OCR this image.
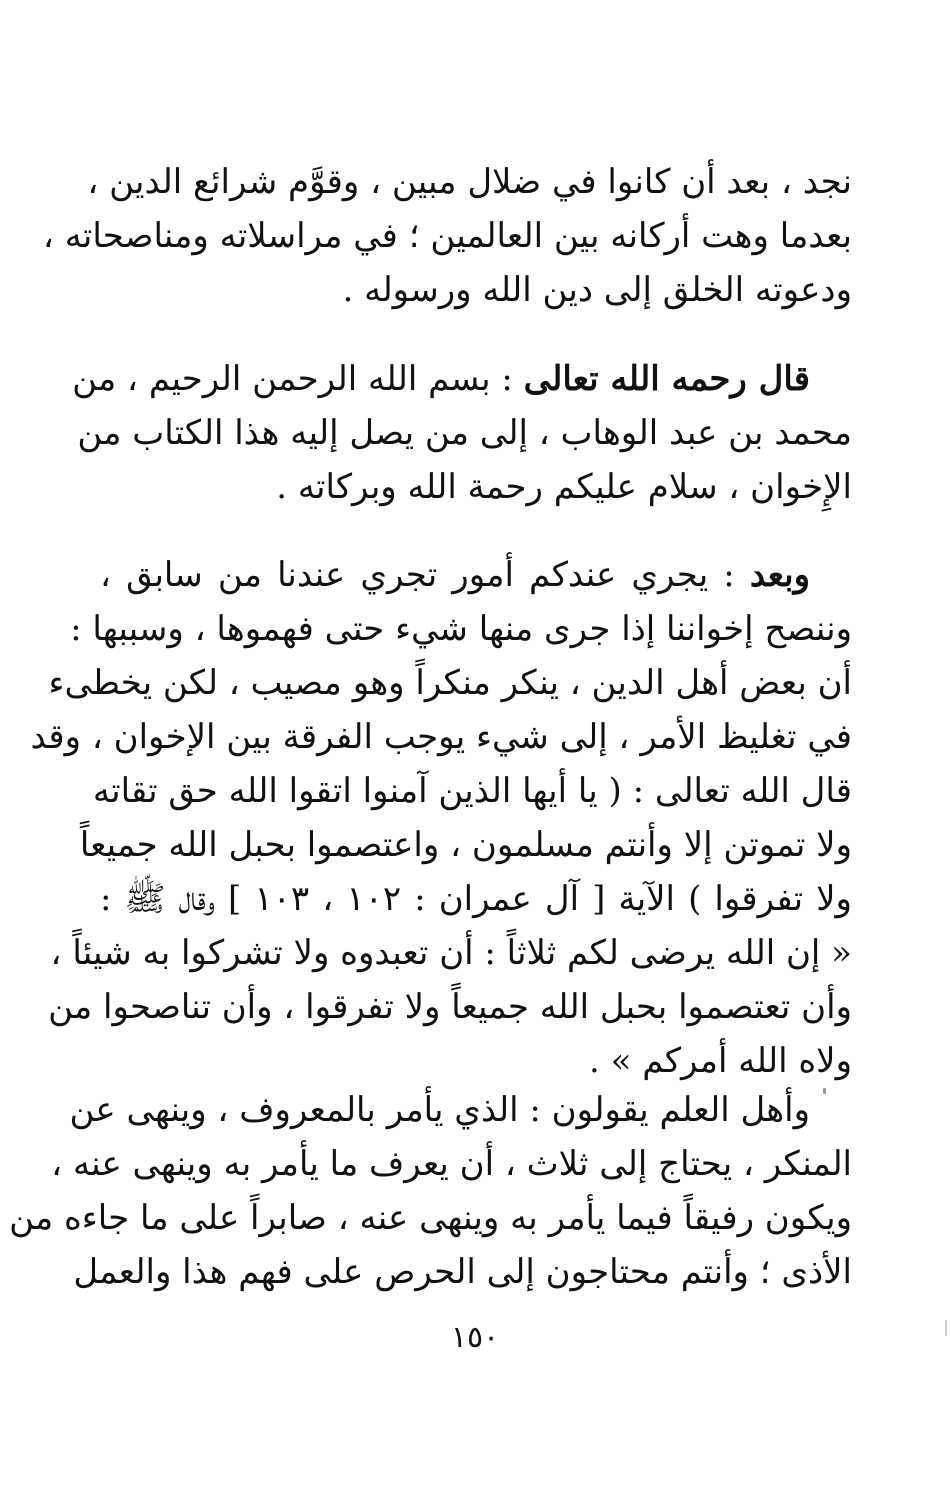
نجد ، بعد أن كانوا في ضلال مبين ، وقوَّم شرائع الدين ،
بعدما وهت أركانه بين العالمين ؛ في مراسلاته ومناصحاته ،
ودعوته الخلق إلى دين الله ورسوله .
قال رحمه الله تعالى : بسم الله الرحمن الرحيم ، من
محمد بن عبد الوهاب ، إلى من يصل إليه هذا الكتاب من
الإِخوان ، سلام عليكم رحمة الله وبركاته .
وبعد : يجري عندكم أمور تجري عندنا من سابق ،
وننصح إخواننا إذا جرى منها شيء حتى فهموها ، وسببها :
أن بعض أهل الدين ، ينكر منكراً وهو مصيب ، لكن يخطىء
في تغليظ الأمر ، إلى شيء يوجب الفرقة بين الإخوان ، وقد
قال الله تعالى : ( يا أيها الذين آمنوا اتقوا الله حق تقاته
ولا تموتن إلا وأنتم مسلمون ، واعتصموا بحبل الله جميعاً
ولا تفرقوا ) الآية [ آل عمران : ١٠٢ ، ١٠٣ ] وقال ﷺ :
« إن الله يرضى لكم ثلاثاً : أن تعبدوه ولا تشركوا به شيئاً ،
وأن تعتصموا بحبل الله جميعاً ولا تفرقوا ، وأن تناصحوا من
ولاه الله أمركم » .
وأهل العلم يقولون : الذي يأمر بالمعروف ، وينهى عن
المنكر ، يحتاج إلى ثلاث ، أن يعرف ما يأمر به وينهى عنه ،
ويكون رفيقاً فيما يأمر به وينهى عنه ، صابراً على ما جاءه من
الأذى ؛ وأنتم محتاجون إلى الحرص على فهم هذا والعمل
١٥٠
